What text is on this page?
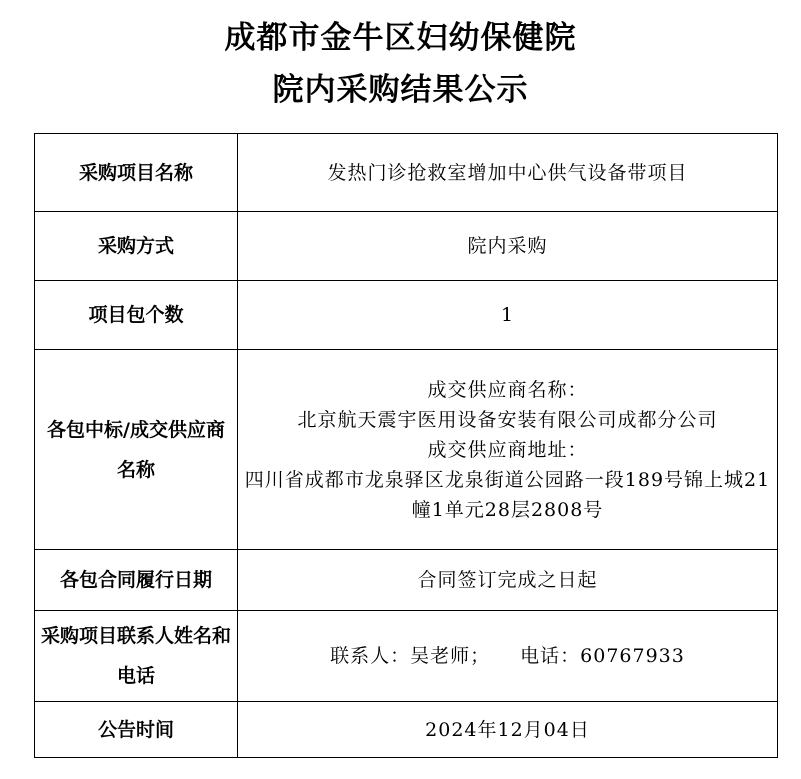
成都市金牛区妇幼保健院
院内采购结果公示
采购项目名称	发热门诊抢救室增加中心供气设备带项目
采购方式	院内采购
项目包个数	1
各包中标/成交供应商名称	成交供应商名称：
北京航天震宇医用设备安装有限公司成都分公司
成交供应商地址：
四川省成都市龙泉驿区龙泉街道公园路一段189号锦上城21幢1单元28层2808号

各包合同履行日期	合同签订完成之日起
采购项目联系人姓名和电话	联系人：吴老师； 电话：60767933
公告时间	2024年12月04日
